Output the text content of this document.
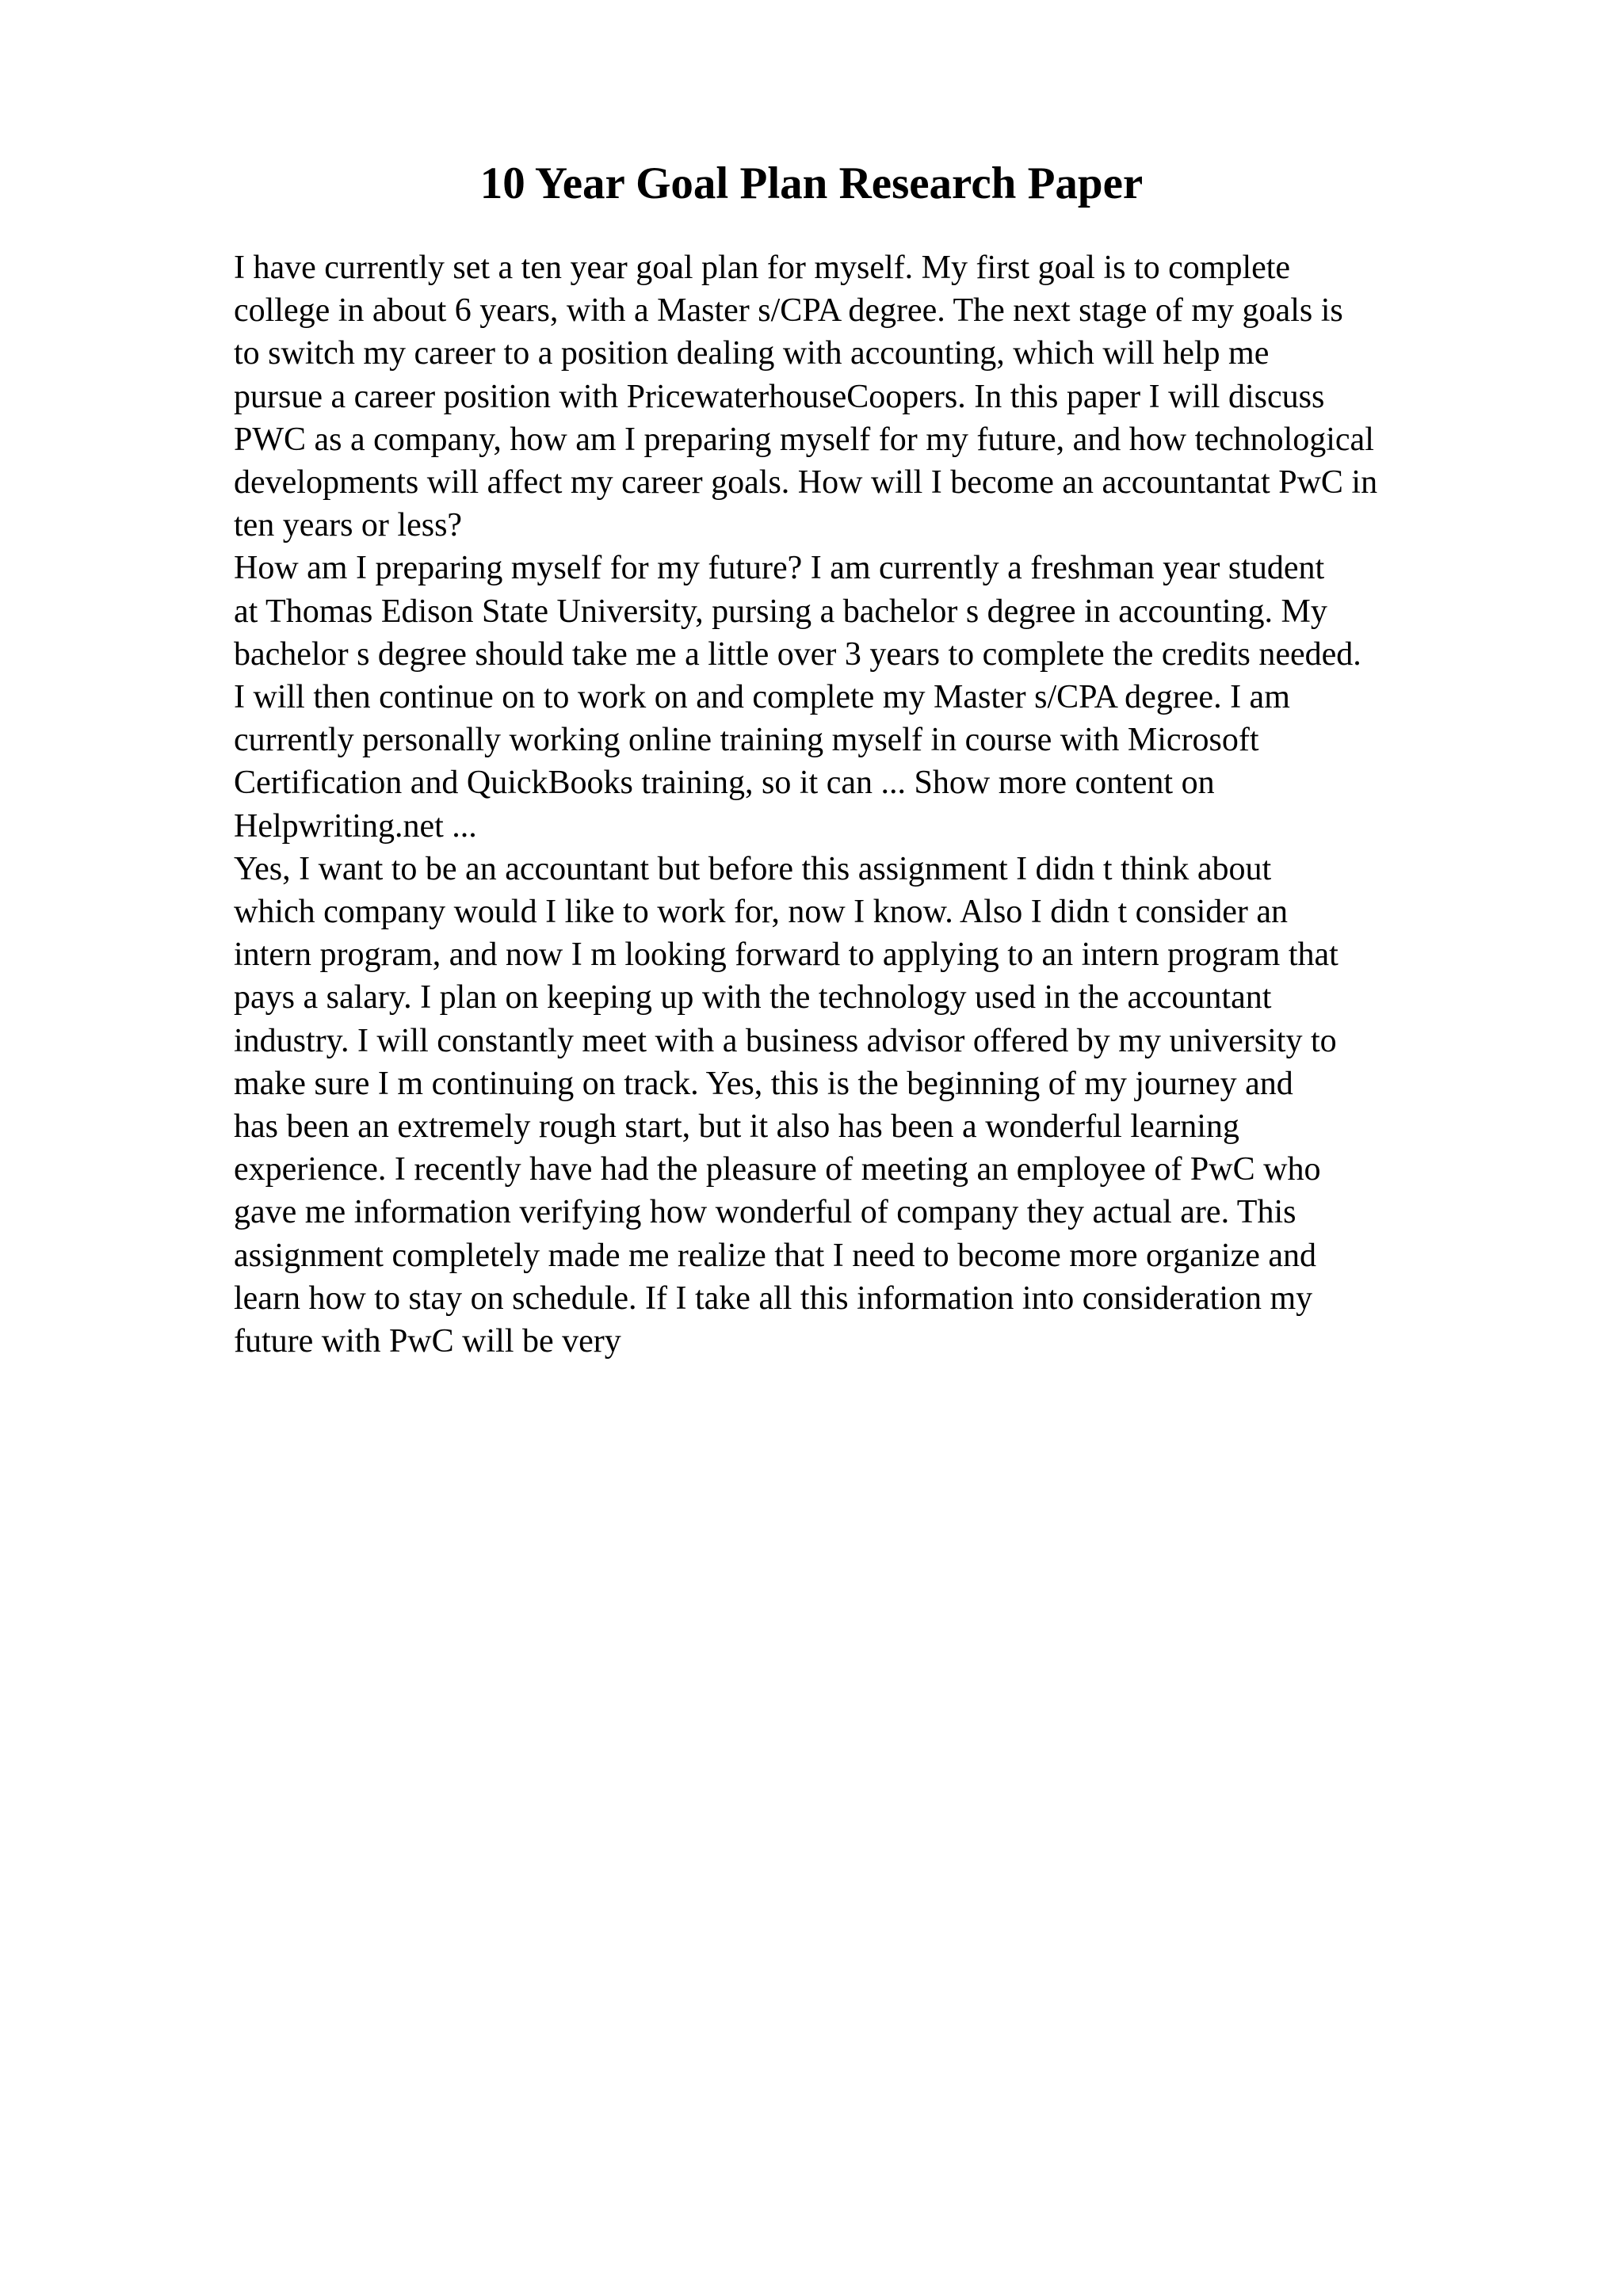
10 Year Goal Plan Research Paper
I have currently set a ten year goal plan for myself. My first goal is to complete
college in about 6 years, with a Master s/CPA degree. The next stage of my goals is
to switch my career to a position dealing with accounting, which will help me
pursue a career position with PricewaterhouseCoopers. In this paper I will discuss
PWC as a company, how am I preparing myself for my future, and how technological
developments will affect my career goals. How will I become an accountantat PwC in
ten years or less?
How am I preparing myself for my future? I am currently a freshman year student
at Thomas Edison State University, pursing a bachelor s degree in accounting. My
bachelor s degree should take me a little over 3 years to complete the credits needed.
I will then continue on to work on and complete my Master s/CPA degree. I am
currently personally working online training myself in course with Microsoft
Certification and QuickBooks training, so it can ... Show more content on
Helpwriting.net ...
Yes, I want to be an accountant but before this assignment I didn t think about
which company would I like to work for, now I know. Also I didn t consider an
intern program, and now I m looking forward to applying to an intern program that
pays a salary. I plan on keeping up with the technology used in the accountant
industry. I will constantly meet with a business advisor offered by my university to
make sure I m continuing on track. Yes, this is the beginning of my journey and
has been an extremely rough start, but it also has been a wonderful learning
experience. I recently have had the pleasure of meeting an employee of PwC who
gave me information verifying how wonderful of company they actual are. This
assignment completely made me realize that I need to become more organize and
learn how to stay on schedule. If I take all this information into consideration my
future with PwC will be very
